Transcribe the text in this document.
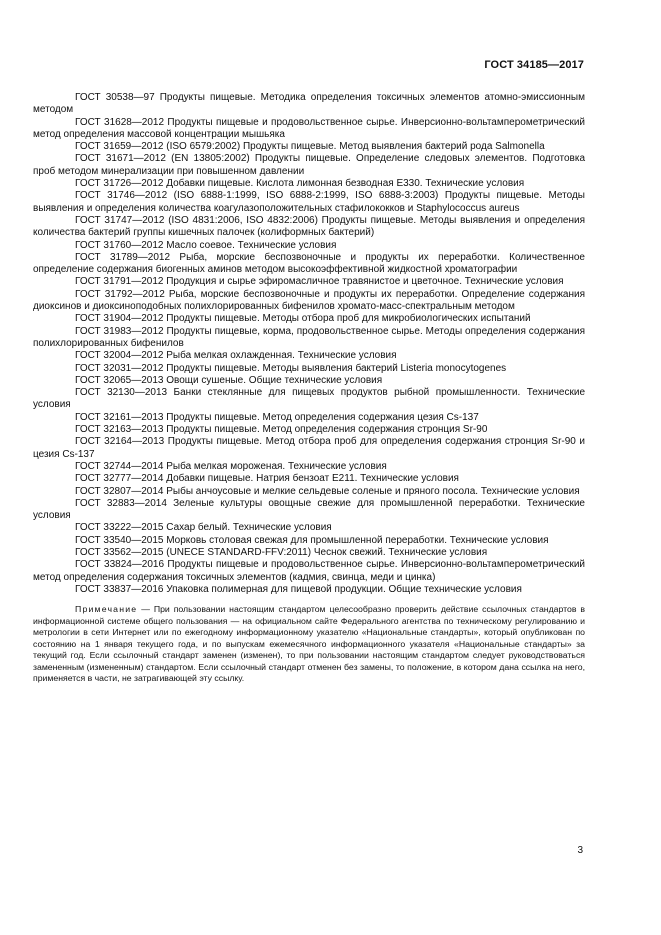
ГОСТ 34185—2017

ГОСТ 30538—97 Продукты пищевые. Методика определения токсичных элементов атомно-эмиссионным методом

ГОСТ 31628—2012 Продукты пищевые и продовольственное сырье. Инверсионно-вольтамперометрический метод определения массовой концентрации мышьяка

ГОСТ 31659—2012 (ISO 6579:2002) Продукты пищевые. Метод выявления бактерий рода Salmonella

ГОСТ 31671—2012 (EN 13805:2002) Продукты пищевые. Определение следовых элементов. Подготовка проб методом минерализации при повышенном давлении

ГОСТ 31726—2012 Добавки пищевые. Кислота лимонная безводная Е330. Технические условия

ГОСТ 31746—2012 (ISO 6888-1:1999, ISO 6888-2:1999, ISO 6888-3:2003) Продукты пищевые. Методы выявления и определения количества коагулазоположительных стафилококков и Staphylococcus aureus

ГОСТ 31747—2012 (ISO 4831:2006, ISO 4832:2006) Продукты пищевые. Методы выявления и определения количества бактерий группы кишечных палочек (колиформных бактерий)

ГОСТ 31760—2012 Масло соевое. Технические условия

ГОСТ 31789—2012 Рыба, морские беспозвоночные и продукты их переработки. Количественное определение содержания биогенных аминов методом высокоэффективной жидкостной хроматографии

ГОСТ 31791—2012 Продукция и сырье эфиромасличное травянистое и цветочное. Технические условия

ГОСТ 31792—2012 Рыба, морские беспозвоночные и продукты их переработки. Определение содержания диоксинов и диоксиноподобных полихлорированных бифенилов хромато-масс-спектральным методом

ГОСТ 31904—2012 Продукты пищевые. Методы отбора проб для микробиологических испытаний

ГОСТ 31983—2012 Продукты пищевые, корма, продовольственное сырье. Методы определения содержания полихлорированных бифенилов

ГОСТ 32004—2012 Рыба мелкая охлажденная. Технические условия

ГОСТ 32031—2012 Продукты пищевые. Методы выявления бактерий Listeria monocytogenes

ГОСТ 32065—2013 Овощи сушеные. Общие технические условия

ГОСТ 32130—2013 Банки стеклянные для пищевых продуктов рыбной промышленности. Технические условия

ГОСТ 32161—2013 Продукты пищевые. Метод определения содержания цезия Cs-137

ГОСТ 32163—2013 Продукты пищевые. Метод определения содержания стронция Sr-90

ГОСТ 32164—2013 Продукты пищевые. Метод отбора проб для определения содержания стронция Sr-90 и цезия Cs-137

ГОСТ 32744—2014 Рыба мелкая мороженая. Технические условия

ГОСТ 32777—2014 Добавки пищевые. Натрия бензоат Е211. Технические условия

ГОСТ 32807—2014 Рыбы анчоусовые и мелкие сельдевые соленые и пряного посола. Технические условия

ГОСТ 32883—2014 Зеленые культуры овощные свежие для промышленной переработки. Технические условия

ГОСТ 33222—2015 Сахар белый. Технические условия

ГОСТ 33540—2015 Морковь столовая свежая для промышленной переработки. Технические условия

ГОСТ 33562—2015 (UNECE STANDARD-FFV:2011) Чеснок свежий. Технические условия

ГОСТ 33824—2016 Продукты пищевые и продовольственное сырье. Инверсионно-вольтамперометрический метод определения содержания токсичных элементов (кадмия, свинца, меди и цинка)

ГОСТ 33837—2016 Упаковка полимерная для пищевой продукции. Общие технические условия

Примечание — При пользовании настоящим стандартом целесообразно проверить действие ссылочных стандартов в информационной системе общего пользования — на официальном сайте Федерального агентства по техническому регулированию и метрологии в сети Интернет или по ежегодному информационному указателю «Национальные стандарты», который опубликован по состоянию на 1 января текущего года, и по выпускам ежемесячного информационного указателя «Национальные стандарты» за текущий год. Если ссылочный стандарт заменен (изменен), то при пользовании настоящим стандартом следует руководствоваться замененным (измененным) стандартом. Если ссылочный стандарт отменен без замены, то положение, в котором дана ссылка на него, применяется в части, не затрагивающей эту ссылку.

3
